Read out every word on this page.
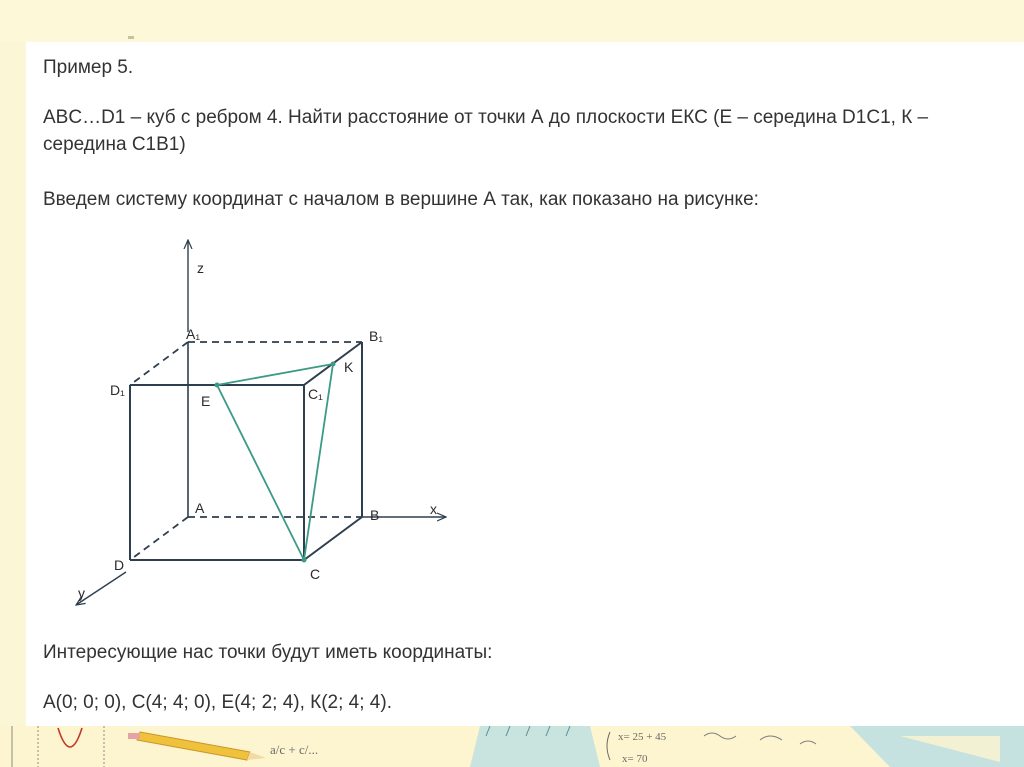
Пример 5.

ABC…D1 – куб с ребром 4. Найти расстояние от точки А до плоскости ЕКС (Е – середина D1C1, К –
середина С1В1)

Введем систему координат с началом в вершине А так, как показано на рисунке:

z
x
y
A	B
C
D
A₁	B₁
C₁
D₁
E
K

Интересующие нас точки будут иметь координаты:

А(0; 0; 0), С(4; 4; 0), Е(4; 2; 4), К(2; 4; 4).

a/c + c/...
x= 25 + 45
x= 70
